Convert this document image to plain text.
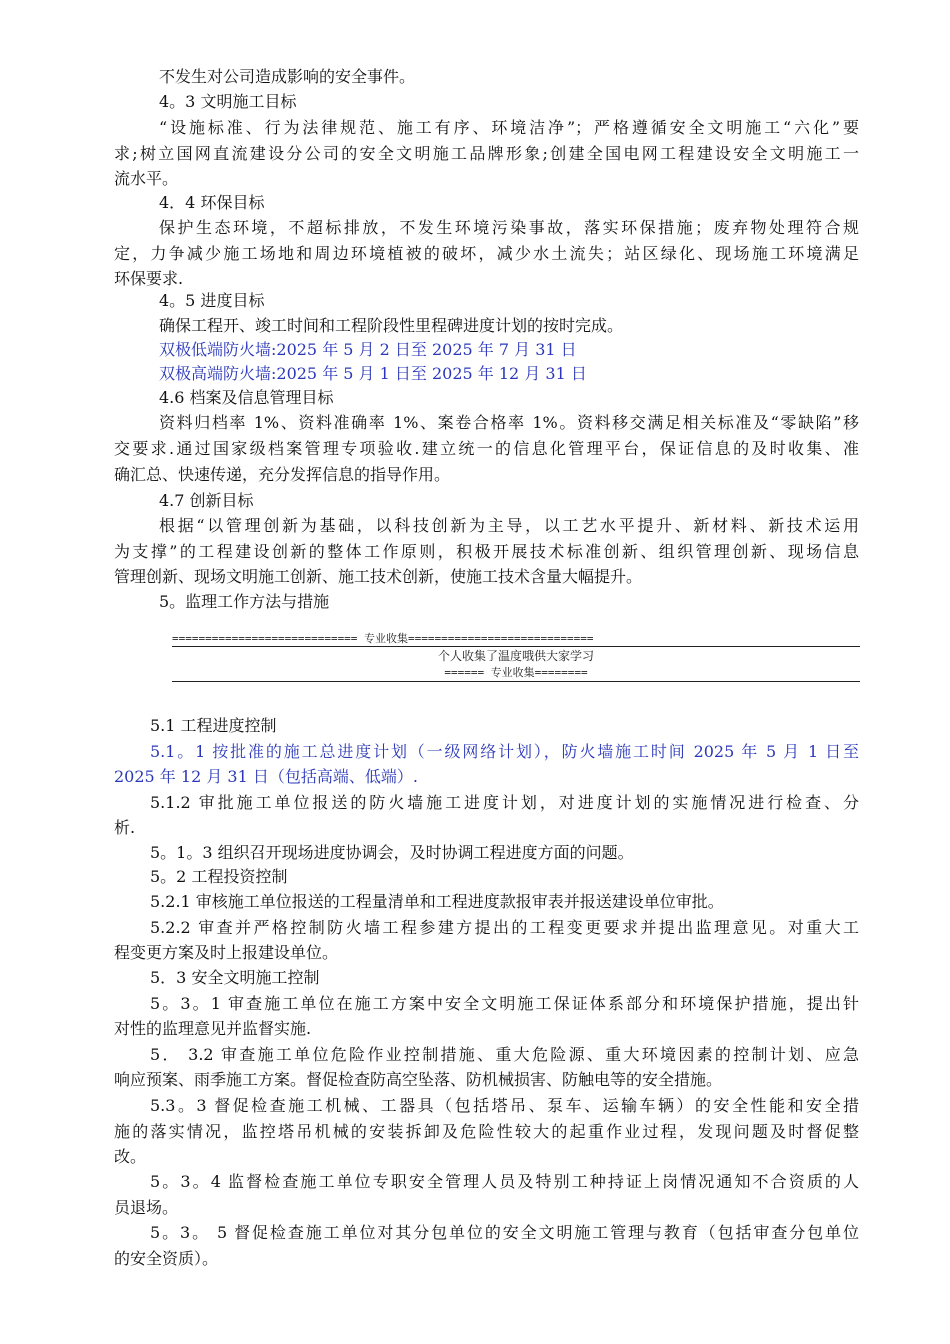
不发生对公司造成影响的安全事件。
4。3 文明施工目标
“设施标准、行为法律规范、施工有序、环境洁净”；严格遵循安全文明施工“六化”要
求;树立国网直流建设分公司的安全文明施工品牌形象;创建全国电网工程建设安全文明施工一
流水平。
4．4 环保目标
保护生态环境，不超标排放，不发生环境污染事故，落实环保措施；废弃物处理符合规
定，力争减少施工场地和周边环境植被的破坏，减少水土流失；站区绿化、现场施工环境满足
环保要求.
4。5 进度目标
确保工程开、竣工时间和工程阶段性里程碑进度计划的按时完成。
双极低端防火墙:2025 年 5 月 2 日至 2025 年 7 月 31 日
双极高端防火墙:2025 年 5 月 1 日至 2025 年 12 月 31 日
4.6 档案及信息管理目标
资料归档率 1%、资料准确率 1%、案卷合格率 1%。资料移交满足相关标准及“零缺陷”移
交要求.通过国家级档案管理专项验收.建立统一的信息化管理平台，保证信息的及时收集、准
确汇总、快速传递，充分发挥信息的指导作用。
4.7 创新目标
根据“以管理创新为基础，以科技创新为主导，以工艺水平提升、新材料、新技术运用
为支撑”的工程建设创新的整体工作原则，积极开展技术标准创新、组织管理创新、现场信息
管理创新、现场文明施工创新、施工技术创新，使施工技术含量大幅提升。
5。监理工作方法与措施
============================ 专业收集============================
个人收集了温度哦供大家学习
====== 专业收集========
5.1 工程进度控制
5.1。1 按批准的施工总进度计划（一级网络计划），防火墙施工时间 2025 年 5 月 1 日至
2025 年 12 月 31 日（包括高端、低端）.
5.1.2 审批施工单位报送的防火墙施工进度计划，对进度计划的实施情况进行检查、分
析.
5。1。3 组织召开现场进度协调会，及时协调工程进度方面的问题。
5。2 工程投资控制
5.2.1 审核施工单位报送的工程量清单和工程进度款报审表并报送建设单位审批。
5.2.2 审查并严格控制防火墙工程参建方提出的工程变更要求并提出监理意见。对重大工
程变更方案及时上报建设单位。
5．3 安全文明施工控制
5。3。1 审查施工单位在施工方案中安全文明施工保证体系部分和环境保护措施，提出针
对性的监理意见并监督实施.
5． 3.2 审查施工单位危险作业控制措施、重大危险源、重大环境因素的控制计划、应急
响应预案、雨季施工方案。督促检查防高空坠落、防机械损害、防触电等的安全措施。
5.3。3 督促检查施工机械、工器具（包括塔吊、泵车、运输车辆）的安全性能和安全措
施的落实情况，监控塔吊机械的安装拆卸及危险性较大的起重作业过程，发现问题及时督促整
改。
5。3。4 监督检查施工单位专职安全管理人员及特别工种持证上岗情况通知不合资质的人
员退场。
5。3。 5 督促检查施工单位对其分包单位的安全文明施工管理与教育（包括审查分包单位
的安全资质）。
